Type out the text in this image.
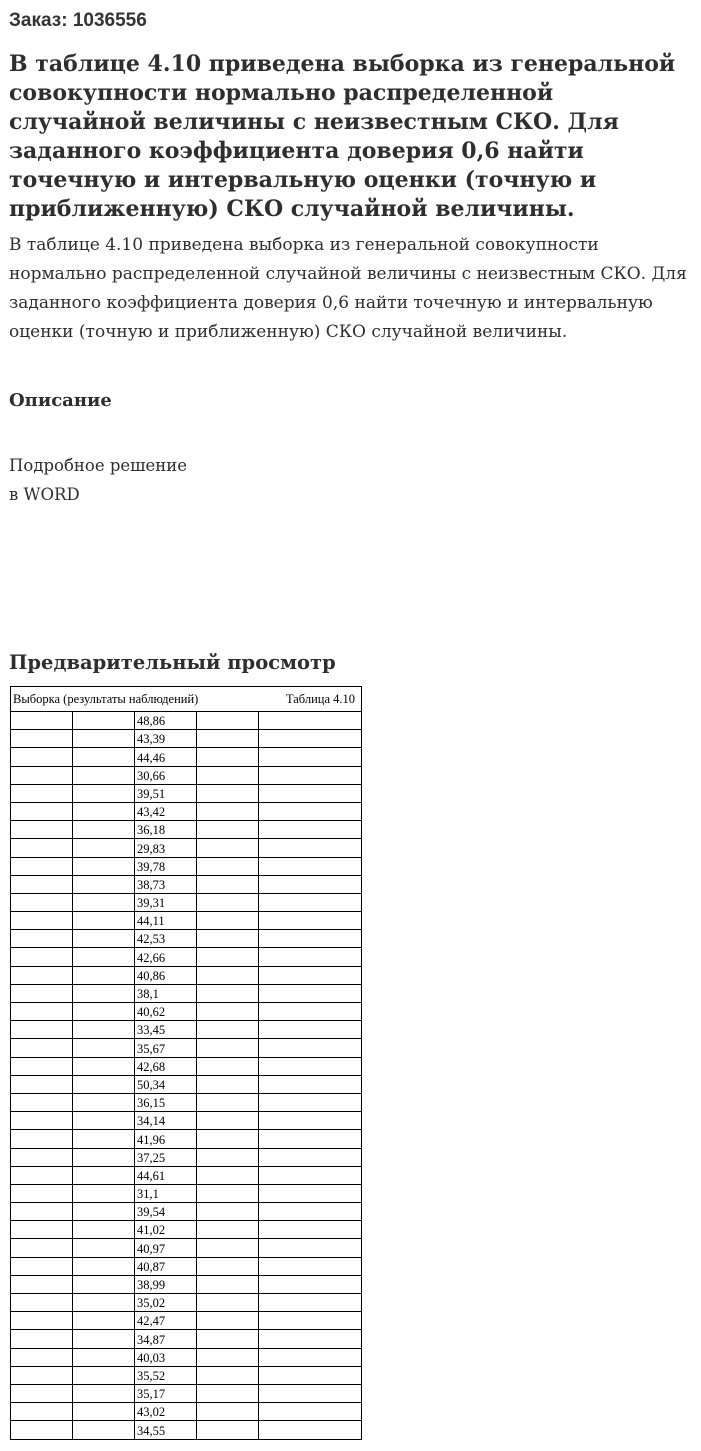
Заказ: 1036556
В таблице 4.10 приведена выборка из генеральной совокупности нормально распределенной случайной величины с неизвестным СКО. Для заданного коэффициента доверия 0,6 найти точечную и интервальную оценки (точную и приближенную) СКО случайной величины.

В таблице 4.10 приведена выборка из генеральной совокупности нормально распределенной случайной величины с неизвестным СКО. Для заданного коэффициента доверия 0,6 найти точечную и интервальную оценки (точную и приближенную) СКО случайной величины.

Описание
Подробное решение
в WORD
Предварительный просмотр
Выборка (результаты наблюдений) Таблица 4.10				

		48,86		
		43,39		
		44,46		
		30,66		
		39,51		
		43,42		
		36,18		
		29,83		
		39,78		
		38,73		
		39,31		
		44,11		
		42,53		
		42,66		
		40,86		
		38,1		
		40,62		
		33,45		
		35,67		
		42,68		
		50,34		
		36,15		
		34,14		
		41,96		
		37,25		
		44,61		
		31,1		
		39,54		
		41,02		
		40,97		
		40,87		
		38,99		
		35,02		
		42,47		
		34,87		
		40,03		
		35,52		
		35,17		
		43,02		
		34,55		
